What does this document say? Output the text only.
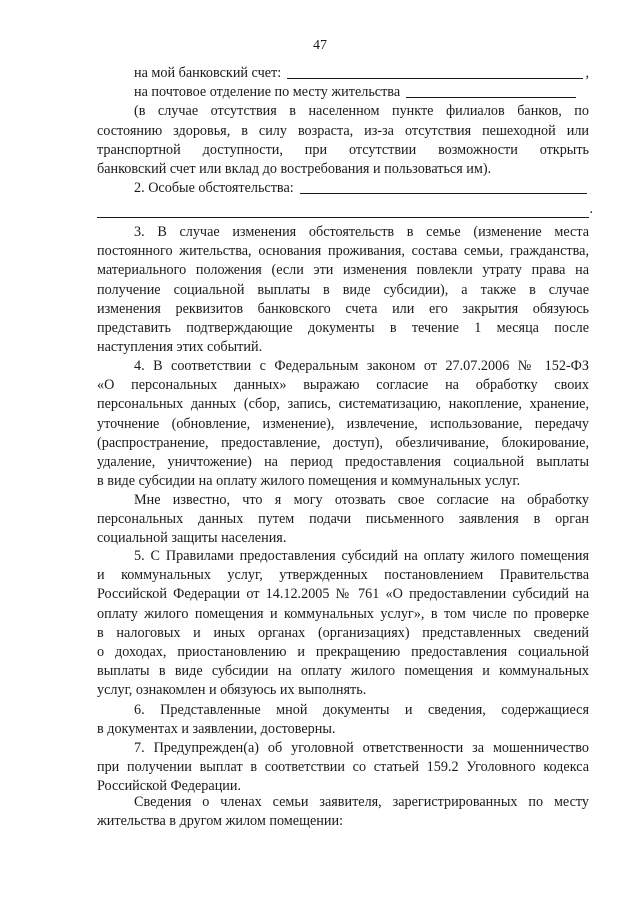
47
на мой банковский счет:	,
на почтовое отделение по месту жительства
(в случае отсутствия в населенном пункте филиалов банков, по
состоянию здоровья, в силу возраста, из-за отсутствия пешеходной или
транспортной доступности, при отсутствии возможности открыть
банковский счет или вклад до востребования и пользоваться им).
2. Особые обстоятельства:
.
3. В случае изменения обстоятельств в семье (изменение места
постоянного жительства, основания проживания, состава семьи, гражданства,
материального положения (если эти изменения повлекли утрату права на
получение социальной выплаты в виде субсидии), а также в случае
изменения реквизитов банковского счета или его закрытия обязуюсь
представить подтверждающие документы в течение 1 месяца после
наступления этих событий.
4. В соответствии с Федеральным законом от 27.07.2006 № 152-ФЗ
«О персональных данных» выражаю согласие на обработку своих
персональных данных (сбор, запись, систематизацию, накопление, хранение,
уточнение (обновление, изменение), извлечение, использование, передачу
(распространение, предоставление, доступ), обезличивание, блокирование,
удаление, уничтожение) на период предоставления социальной выплаты
в виде субсидии на оплату жилого помещения и коммунальных услуг.
Мне известно, что я могу отозвать свое согласие на обработку
персональных данных путем подачи письменного заявления в орган
социальной защиты населения.
5. С Правилами предоставления субсидий на оплату жилого помещения
и коммунальных услуг, утвержденных постановлением Правительства
Российской Федерации от 14.12.2005 № 761 «О предоставлении субсидий на
оплату жилого помещения и коммунальных услуг», в том числе по проверке
в налоговых и иных органах (организациях) представленных сведений
о доходах, приостановлению и прекращению предоставления социальной
выплаты в виде субсидии на оплату жилого помещения и коммунальных
услуг, ознакомлен и обязуюсь их выполнять.
6. Представленные мной документы и сведения, содержащиеся
в документах и заявлении, достоверны.
7. Предупрежден(а) об уголовной ответственности за мошенничество
при получении выплат в соответствии со статьей 159.2 Уголовного кодекса
Российской Федерации.
Сведения о членах семьи заявителя, зарегистрированных по месту
жительства в другом жилом помещении:
